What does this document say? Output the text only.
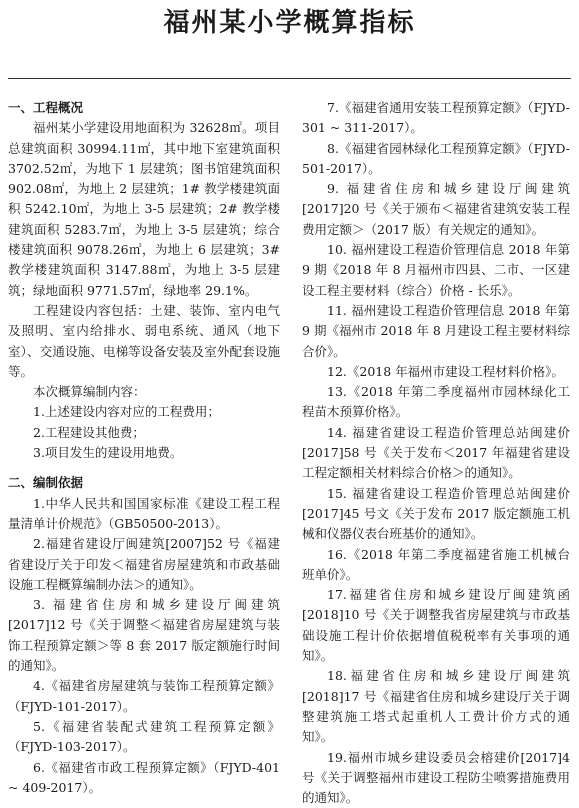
福州某小学概算指标

一、工程概况

福州某小学建设用地面积为 32628㎡。项目总建筑面积 30994.11㎡，其中地下室建筑面积 3702.52㎡，为地下 1 层建筑；图书馆建筑面积 902.08㎡，为地上 2 层建筑；1# 教学楼建筑面积 5242.10㎡，为地上 3-5 层建筑；2# 教学楼建筑面积 5283.7㎡，为地上 3-5 层建筑；综合楼建筑面积 9078.26㎡，为地上 6 层建筑；3# 教学楼建筑面积 3147.88㎡，为地上 3-5 层建筑；绿地面积 9771.57㎡，绿地率 29.1%。

工程建设内容包括：土建、装饰、室内电气及照明、室内给排水、弱电系统、通风（地下室）、交通设施、电梯等设备安装及室外配套设施等。

本次概算编制内容：

1.上述建设内容对应的工程费用；

2.工程建设其他费；

3.项目发生的建设用地费。

二、编制依据

1.中华人民共和国国家标准《建设工程工程量清单计价规范》（GB50500-2013）。

2.福建省建设厅闽建筑[2007]52 号《福建省建设厅关于印发＜福建省房屋建筑和市政基础设施工程概算编制办法＞的通知》。

3. 福建省住房和城乡建设厅闽建筑[2017]12 号《关于调整＜福建省房屋建筑与装饰工程预算定额＞等 8 套 2017 版定额施行时间的通知》。

4.《福建省房屋建筑与装饰工程预算定额》（FJYD-101-2017）。

5.《福建省装配式建筑工程预算定额》（FJYD-103-2017）。

6.《福建省市政工程预算定额》（FJYD-401 ~ 409-2017）。

7.《福建省通用安装工程预算定额》（FJYD-301 ~ 311-2017）。

8.《福建省园林绿化工程预算定额》（FJYD-501-2017）。

9. 福建省住房和城乡建设厅闽建筑[2017]20 号《关于颁布＜福建省建筑安装工程费用定额＞（2017 版）有关规定的通知》。

10. 福州建设工程造价管理信息 2018 年第 9 期《2018 年 8 月福州市四县、二市、一区建设工程主要材料（综合）价格 - 长乐》。

11. 福州建设工程造价管理信息 2018 年第 9 期《福州市 2018 年 8 月建设工程主要材料综合价》。

12.《2018 年福州市建设工程材料价格》。

13.《2018 年第二季度福州市园林绿化工程苗木预算价格》。

14. 福建省建设工程造价管理总站闽建价[2017]58 号《关于发布＜2017 年福建省建设工程定额相关材料综合价格＞的通知》。

15. 福建省建设工程造价管理总站闽建价[2017]45 号文《关于发布 2017 版定额施工机械和仪器仪表台班基价的通知》。

16.《2018 年第二季度福建省施工机械台班单价》。

17.福建省住房和城乡建设厅闽建筑函[2018]10 号《关于调整我省房屋建筑与市政基础设施工程计价依据增值税税率有关事项的通知》。

18.福建省住房和城乡建设厅闽建筑[2018]17 号《福建省住房和城乡建设厅关于调整建筑施工塔式起重机人工费计价方式的通知》。

19.福州市城乡建设委员会榕建价[2017]4 号《关于调整福州市建设工程防尘喷雾措施费用的通知》。
